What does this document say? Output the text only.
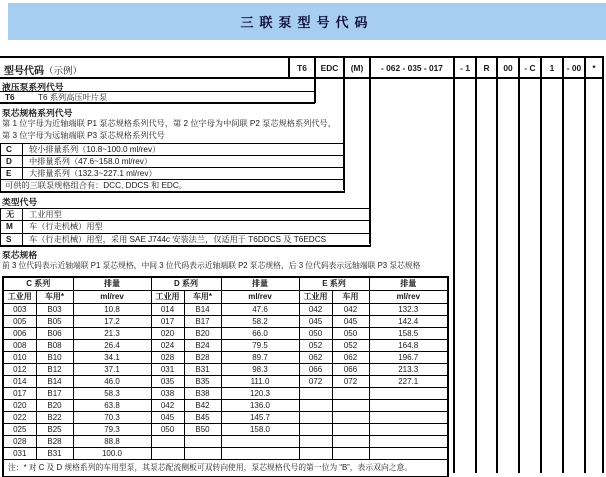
三联泵型号代码
型号代码（示例）	T6	EDC	(M)	- 062 - 035 - 017	- 1	R	00	- C	1	- 00	*
液压泵系列代号
T6	T6 系列高压叶片泵
泵芯规格系列代号
第 1 位字母为近轴端联 P1 泵芯规格系列代号，第 2 位字母为中间联 P2 泵芯规格系列代号，第 3 位字母为远轴端联 P3 泵芯规格系列代号
C	较小排量系列（10.8~100.0 ml/rev）
D	中排量系列（47.6~158.0 ml/rev）
E	大排量系列（132.3~227.1 ml/rev）
可供的三联泵规格组合有：DCC, DDCS 和 EDC。
类型代号
无	工业用型
M	车（行走机械）用型
S	车（行走机械）用型，采用 SAE J744c 安装法兰，仅适用于 T6DDCS 及 T6EDCS
泵芯规格
前 3 位代码表示近轴端联 P1 泵芯规格，中间 3 位代码表示近轴端联 P2 泵芯规格，后 3 位代码表示远轴端联 P3 泵芯规格
C 系列		排量	D 系列		排量	E 系列		排量
工业用	车用*	ml/rev	工业用	车用*	ml/rev	工业用	车用	ml/rev
003	B03	10.8	014	B14	47.6	042	042	132.3
005	B05	17.2	017	B17	58.2	045	045	142.4
006	B06	21.3	020	B20	66.0	050	050	158.5
008	B08	26.4	024	B24	79.5	052	052	164.8
010	B10	34.1	028	B28	89.7	062	062	196.7
012	B12	37.1	031	B31	98.3	066	066	213.3
014	B14	46.0	035	B35	111.0	072	072	227.1
017	B17	58.3	038	B38	120.3			
020	B20	63.8	042	B42	136.0			
022	B22	70.3	045	B45	145.7			
025	B25	79.3	050	B50	158.0			
028	B28	88.8						
031	B31	100.0						
注：* 对 C 及 D 规格系列的车用型泵，其泵芯配流侧板可双转向使用，泵芯规格代号的第一位为 “B”，表示双向之意。								
